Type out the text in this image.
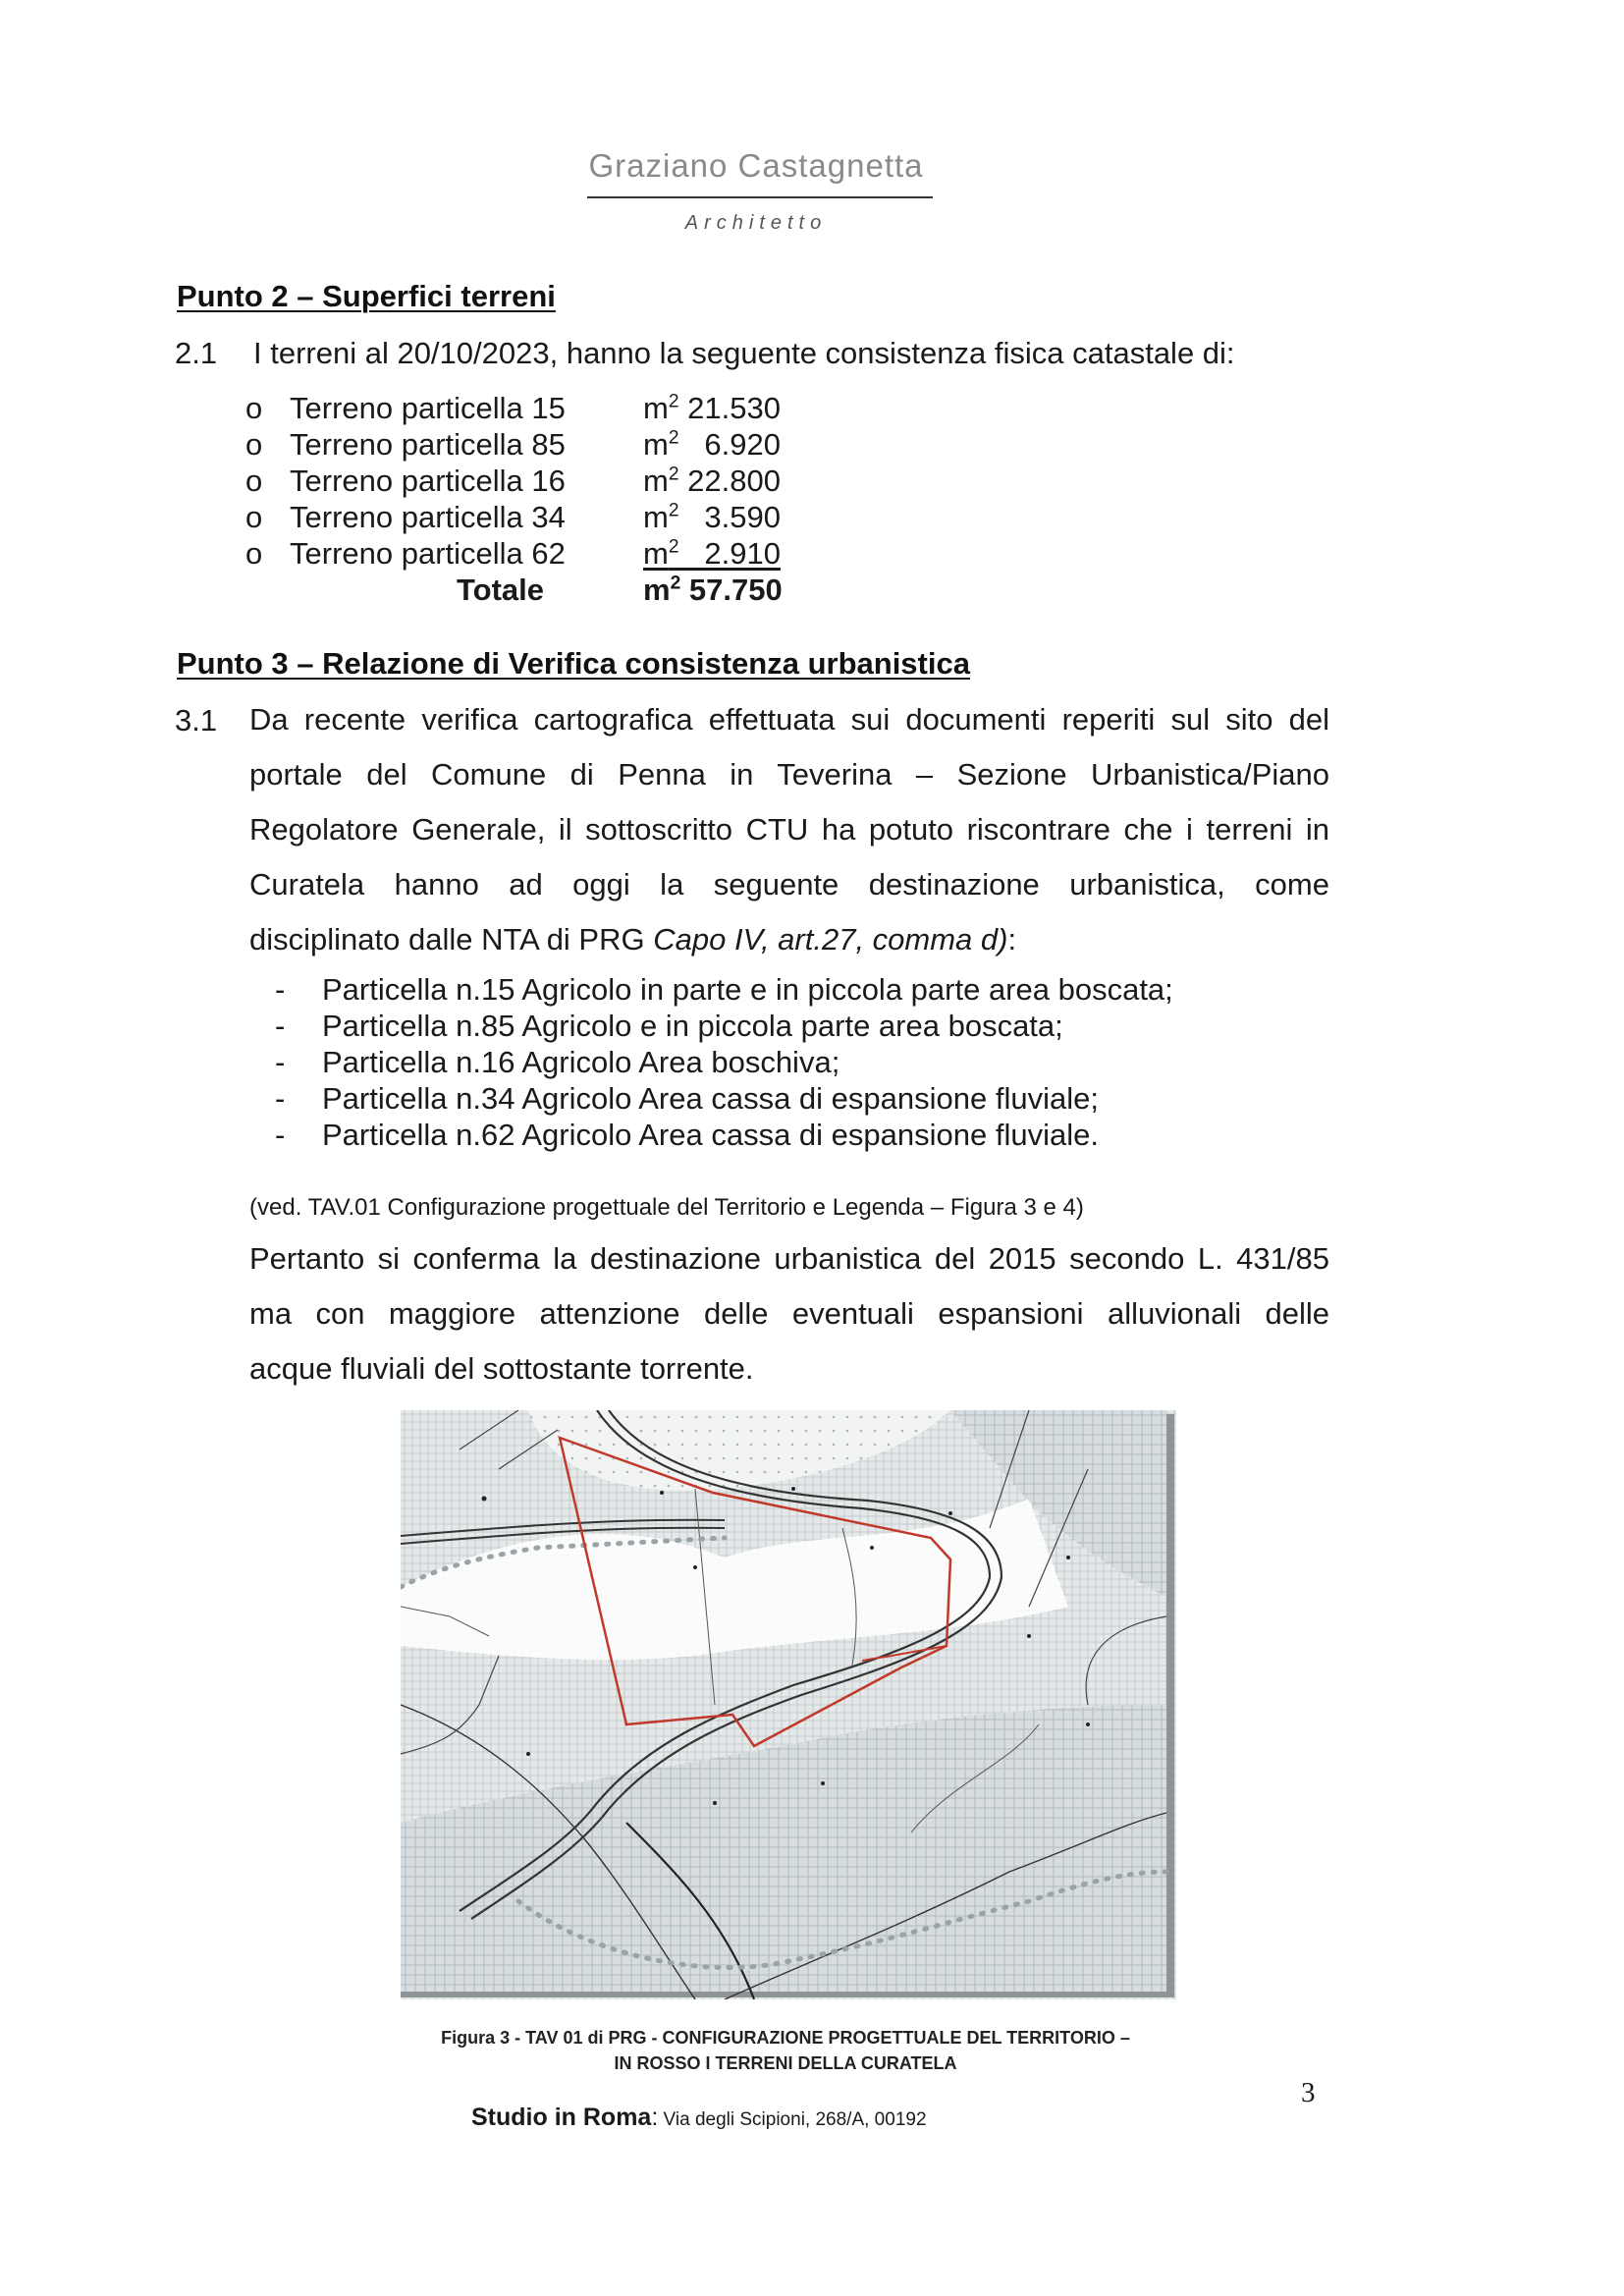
Graziano Castagnetta
Architetto
Punto 2 – Superfici terreni
2.1 I terreni al 20/10/2023, hanno la seguente consistenza fisica catastale di:
o Terreno particella 15	$m^2$ 21.530
o Terreno particella 85	$m^2$   6.920
o Terreno particella 16	$m^2$ 22.800
o Terreno particella 34	$m^2$   3.590
o Terreno particella 62	$m^2$   2.910
Totale	$m^2$ 57.750
Punto 3 – Relazione di Verifica consistenza urbanistica
3.1 Da recente verifica cartografica effettuata sui documenti reperiti sul sito del
portale del Comune di Penna in Teverina – Sezione Urbanistica/Piano
Regolatore Generale, il sottoscritto CTU ha potuto riscontrare che i terreni in
Curatela hanno ad oggi la seguente destinazione urbanistica, come
disciplinato dalle NTA di PRG Capo IV, art.27, comma d):
- Particella n.15 Agricolo in parte e in piccola parte area boscata;
- Particella n.85 Agricolo e in piccola parte area boscata;
- Particella n.16 Agricolo Area boschiva;
- Particella n.34 Agricolo Area cassa di espansione fluviale;
- Particella n.62 Agricolo Area cassa di espansione fluviale.
(ved. TAV.01 Configurazione progettuale del Territorio e Legenda – Figura 3 e 4)
Pertanto si conferma la destinazione urbanistica del 2015 secondo L. 431/85
ma con maggiore attenzione delle eventuali espansioni alluvionali delle
acque fluviali del sottostante torrente.
Figura 3 - TAV 01 di PRG - CONFIGURAZIONE PROGETTUALE DEL TERRITORIO –
IN ROSSO I TERRENI DELLA CURATELA
Studio in Roma: Via degli Scipioni, 268/A, 00192
3
